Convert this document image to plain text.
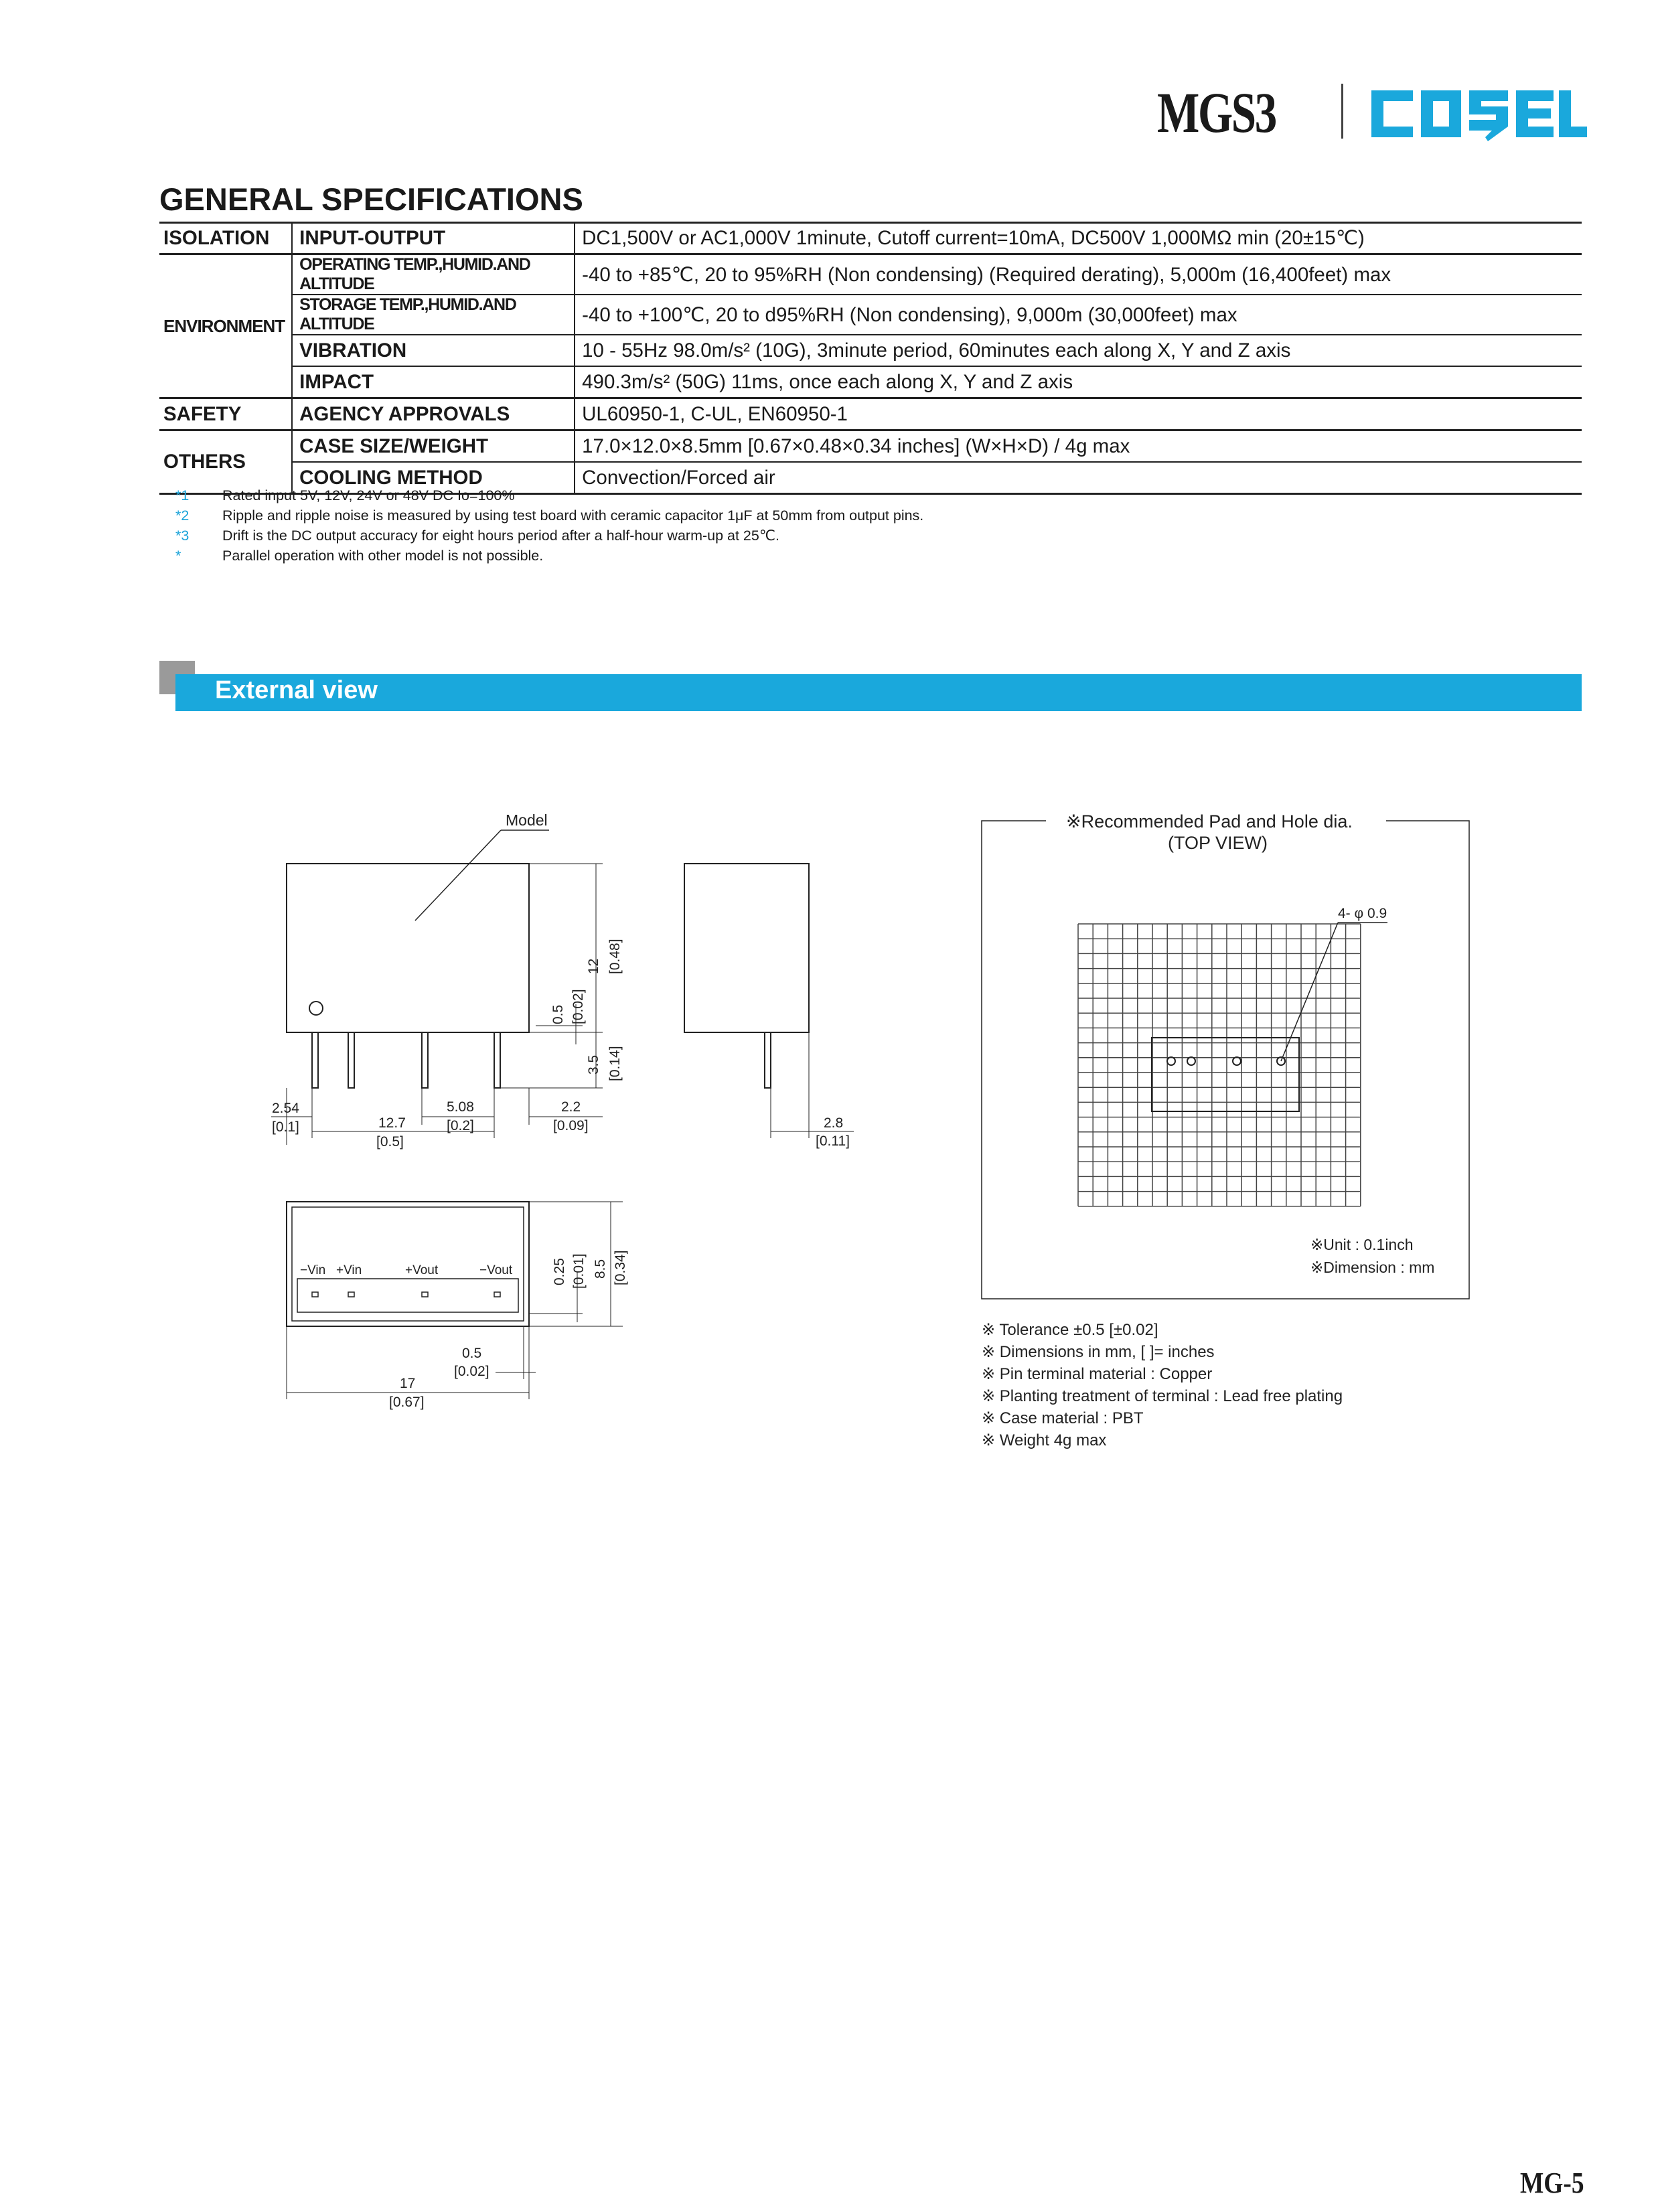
MGS3
GENERAL SPECIFICATIONS
ISOLATION	INPUT-OUTPUT	DC1,500V or AC1,000V 1minute, Cutoff current=10mA, DC500V 1,000MΩ min (20±15℃)
ENVIRONMENT	OPERATING TEMP.,HUMID.AND ALTITUDE	-40 to +85℃, 20 to 95%RH (Non condensing) (Required derating), 5,000m (16,400feet) max
	STORAGE TEMP.,HUMID.AND ALTITUDE	-40 to +100℃, 20 to d95%RH (Non condensing), 9,000m (30,000feet) max
	VIBRATION	10 - 55Hz 98.0m/s² (10G), 3minute period, 60minutes each along X, Y and Z axis
	IMPACT	490.3m/s² (50G) 11ms, once each along X, Y and Z axis
SAFETY	AGENCY APPROVALS	UL60950-1, C-UL, EN60950-1
OTHERS	CASE SIZE/WEIGHT	17.0×12.0×8.5mm [0.67×0.48×0.34 inches] (W×H×D) / 4g max
	COOLING METHOD	Convection/Forced air
*1	Rated input 5V, 12V, 24V or 48V DC Io=100%
*2	Ripple and ripple noise is measured by using test board with ceramic capacitor 1μF at 50mm from output pins.
*3	Drift is the DC output accuracy for eight hours period after a half-hour warm-up at 25℃.
*	Parallel operation with other model is not possible.
External view
Model
12 [0.48]
0.5 [0.02]
3.5 [0.14]
2.54
[0.1]	12.7
[0.5]
5.08
[0.2]
2.2
[0.09]	2.8
[0.11]
−Vin +Vin	+Vout	−Vout	0.25 [0.01] 8.5 [0.34]
0.5
[0.02]
17
[0.67]
※Recommended Pad and Hole dia.
(TOP VIEW)
4- φ 0.9
※Unit : 0.1inch
※Dimension : mm
※ Tolerance ±0.5 [±0.02]
※ Dimensions in mm, [ ]= inches
※ Pin terminal material : Copper
※ Planting treatment of terminal : Lead free plating
※ Case material : PBT
※ Weight 4g max
MG-5
